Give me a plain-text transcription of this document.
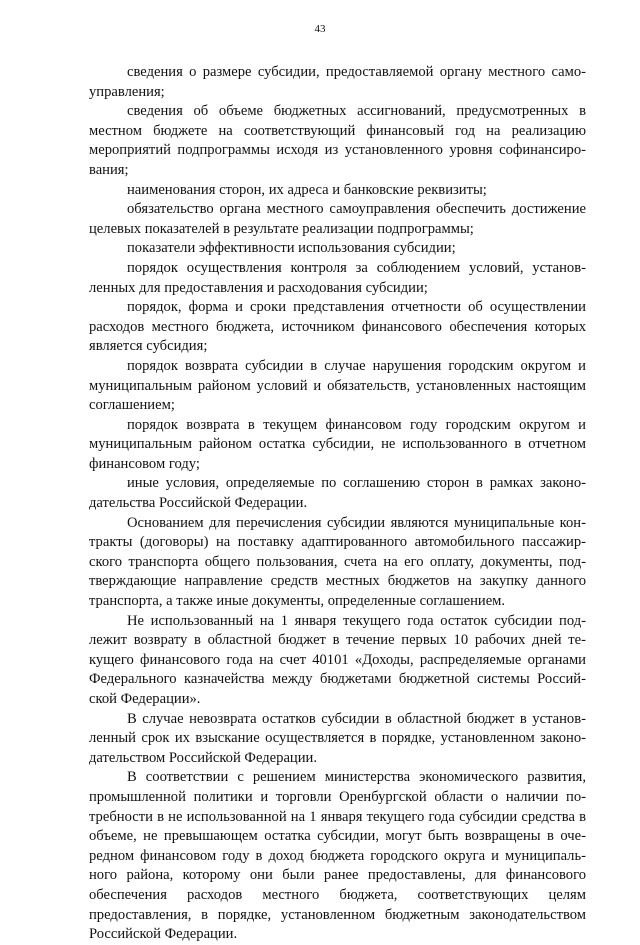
43

сведения о размере субсидии, предоставляемой органу местного самоуправления;

сведения об объеме бюджетных ассигнований, предусмотренных в местном бюджете на соответствующий финансовый год на реализацию мероприятий подпрограммы исходя из установленного уровня софинансирования;

наименования сторон, их адреса и банковские реквизиты;

обязательство органа местного самоуправления обеспечить достижение целевых показателей в результате реализации подпрограммы;

показатели эффективности использования субсидии;

порядок осуществления контроля за соблюдением условий, установленных для предоставления и расходования субсидии;

порядок, форма и сроки представления отчетности об осуществлении расходов местного бюджета, источником финансового обеспечения которых является субсидия;

порядок возврата субсидии в случае нарушения городским округом и муниципальным районом условий и обязательств, установленных настоящим соглашением;

порядок возврата в текущем финансовом году городским округом и муниципальным районом остатка субсидии, не использованного в отчетном финансовом году;

иные условия, определяемые по соглашению сторон в рамках законодательства Российской Федерации.

Основанием для перечисления субсидии являются муниципальные контракты (договоры) на поставку адаптированного автомобильного пассажирского транспорта общего пользования, счета на его оплату, документы, подтверждающие направление средств местных бюджетов на закупку данного транспорта, а также иные документы, определенные соглашением.

Не использованный на 1 января текущего года остаток субсидии подлежит возврату в областной бюджет в течение первых 10 рабочих дней текущего финансового года на счет 40101 «Доходы, распределяемые органами Федерального казначейства между бюджетами бюджетной системы Российской Федерации».

В случае невозврата остатков субсидии в областной бюджет в установленный срок их взыскание осуществляется в порядке, установленном законодательством Российской Федерации.

В соответствии с решением министерства экономического развития, промышленной политики и торговли Оренбургской области о наличии потребности в не использованной на 1 января текущего года субсидии средства в объеме, не превышающем остатка субсидии, могут быть возвращены в очередном финансовом году в доход бюджета городского округа и муниципального района, которому они были ранее предоставлены, для финансового обеспечения расходов местного бюджета, соответствующих целям предоставления, в порядке, установленном бюджетным законодательством Российской Федерации.
